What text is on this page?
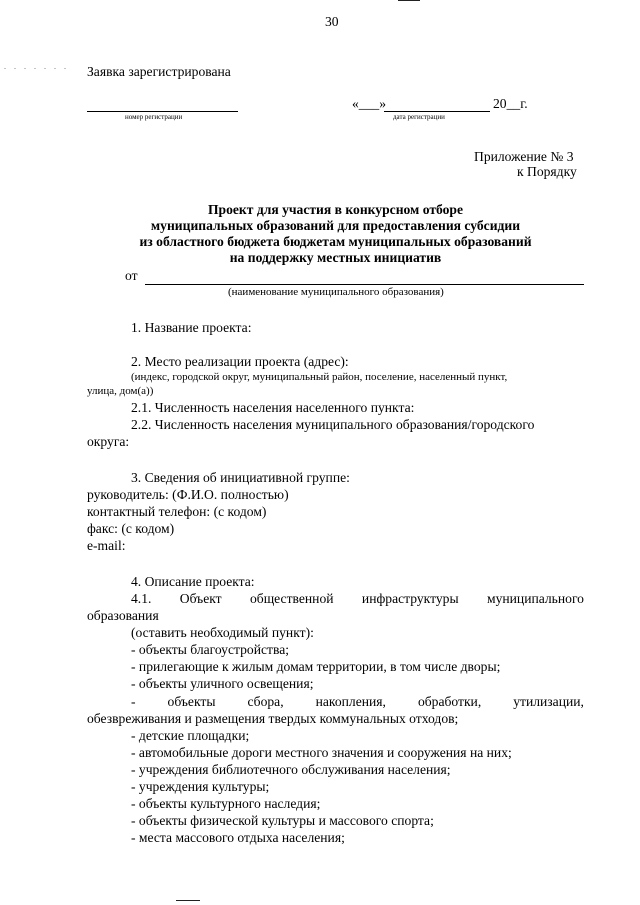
. . . . . . .
30
Заявка зарегистрирована
номер регистрации
«___»	20__г.
дата регистрации
Приложение № 3
к Порядку
Проект для участия в конкурсном отборе
муниципальных образований для предоставления субсидии
из областного бюджета бюджетам муниципальных образований
на поддержку местных инициатив
от
(наименование муниципального образования)
1. Название проекта:
2. Место реализации проекта (адрес):
(индекс, городской округ, муниципальный район, поселение, населенный пункт,
улица, дом(а))
2.1. Численность населения населенного пункта:
2.2. Численность населения муниципального образования/городского
округа:
3. Сведения об инициативной группе:
руководитель: (Ф.И.О. полностью)
контактный телефон: (с кодом)
факс: (с кодом)
e-mail:
4. Описание проекта:
4.1. Объект общественной инфраструктуры муниципального
образования
(оставить необходимый пункт):
- объекты благоустройства;
- прилегающие к жилым домам территории, в том числе дворы;
- объекты уличного освещения;
- объекты сбора, накопления, обработки, утилизации,
обезвреживания и размещения твердых коммунальных отходов;
- детские площадки;
- автомобильные дороги местного значения и сооружения на них;
- учреждения библиотечного обслуживания населения;
- учреждения культуры;
- объекты культурного наследия;
- объекты физической культуры и массового спорта;
- места массового отдыха населения;
